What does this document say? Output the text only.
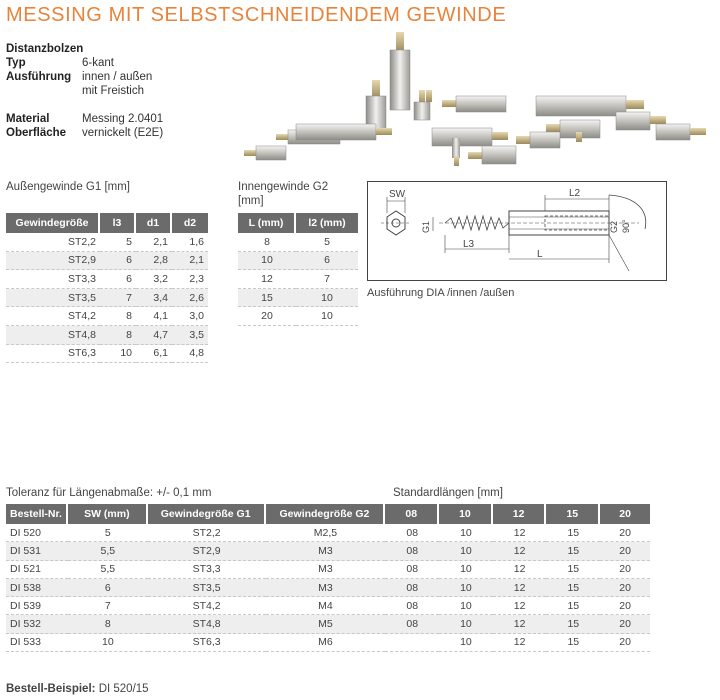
MESSING MIT SELBSTSCHNEIDENDEM GEWINDE
Distanzbolzen
Typ	6-kant
Ausführung innen / außen
mit Freistich
Material	Messing 2.0401
Oberfläche vernickelt (E2E)
Außengewinde G1 [mm]
Gewindegröße	l3	d1	d2
ST2,2	5	2,1	1,6
ST2,9	6	2,8	2,1
ST3,3	6	3,2	2,3
ST3,5	7	3,4	2,6
ST4,2	8	4,1	3,0
ST4,8	8	4,7	3,5
ST6,3	10	6,1	4,8
Innengewinde G2
[mm]
L (mm)	l2 (mm)
8	5
10	6
12	7
15	10
20	10
SW
G1
L2
G2 90°
L3
L
Ausführung DIA /innen /außen
Toleranz für Längenabmaße: +/- 0,1 mm	Standardlängen [mm]
Bestell-Nr.	SW (mm)	Gewindegröße G1	Gewindegröße G2	08	10	12	15	20
DI 520	5	ST2,2	M2,5	08	10	12	15	20
DI 531	5,5	ST2,9	M3	08	10	12	15	20
DI 521	5,5	ST3,3	M3	08	10	12	15	20
DI 538	6	ST3,5	M3	08	10	12	15	20
DI 539	7	ST4,2	M4	08	10	12	15	20
DI 532	8	ST4,8	M5	08	10	12	15	20
DI 533	10	ST6,3	M6		10	12	15	20
Bestell-Beispiel: DI 520/15
